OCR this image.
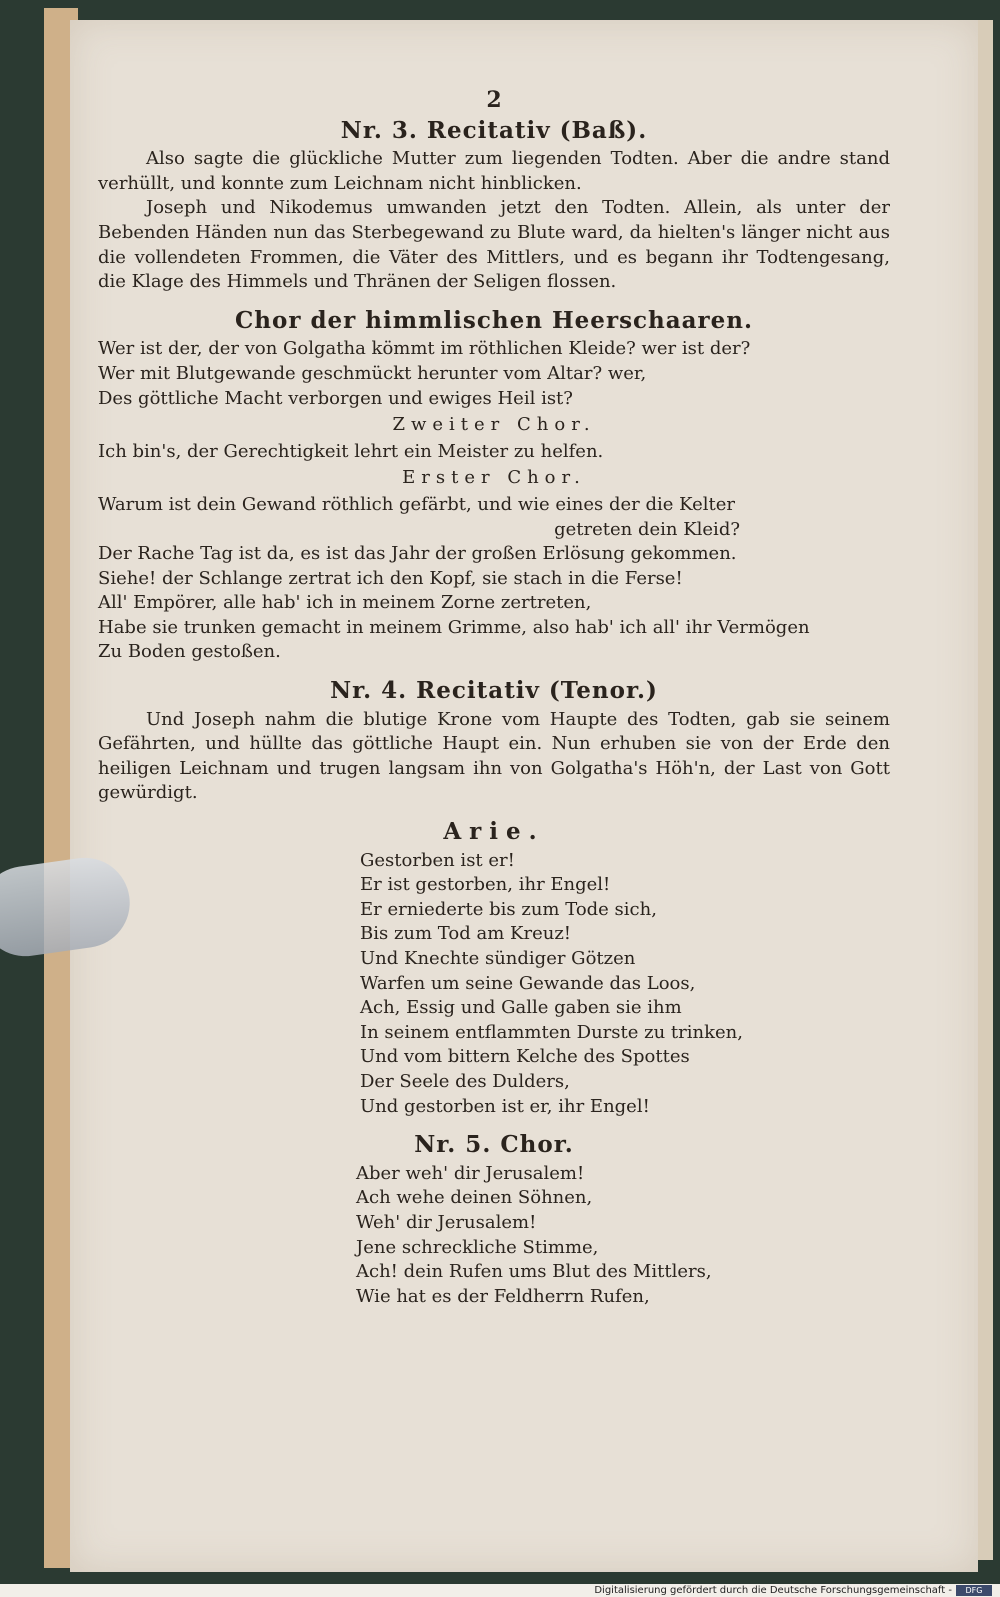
2
Nr. 3. Recitativ (Baß).

Also sagte die glückliche Mutter zum liegenden Todten. Aber die andre stand verhüllt, und konnte zum Leichnam nicht hinblicken.

Joseph und Nikodemus umwanden jetzt den Todten. Allein, als unter der Bebenden Händen nun das Sterbegewand zu Blute ward, da hielten's länger nicht aus die vollendeten Frommen, die Väter des Mittlers, und es begann ihr Todtengesang, die Klage des Himmels und Thränen der Seligen flossen.

Chor der himmlischen Heerschaaren.
Wer ist der, der von Golgatha kömmt im röthlichen Kleide? wer ist der?
Wer mit Blutgewande geschmückt herunter vom Altar? wer,
Des göttliche Macht verborgen und ewiges Heil ist?
Zweiter Chor.
Ich bin's, der Gerechtigkeit lehrt ein Meister zu helfen.
Erster Chor.
Warum ist dein Gewand röthlich gefärbt, und wie eines der die Kelter
getreten dein Kleid?
Der Rache Tag ist da, es ist das Jahr der großen Erlösung gekommen.
Siehe! der Schlange zertrat ich den Kopf, sie stach in die Ferse!
All' Empörer, alle hab' ich in meinem Zorne zertreten,
Habe sie trunken gemacht in meinem Grimme, also hab' ich all' ihr Vermögen
Zu Boden gestoßen.
Nr. 4. Recitativ (Tenor.)

Und Joseph nahm die blutige Krone vom Haupte des Todten, gab sie seinem Gefährten, und hüllte das göttliche Haupt ein. Nun erhuben sie von der Erde den heiligen Leichnam und trugen langsam ihn von Golgatha's Höh'n, der Last von Gott gewürdigt.

Arie.
Gestorben ist er!
Er ist gestorben, ihr Engel!
Er erniederte bis zum Tode sich,
Bis zum Tod am Kreuz!
Und Knechte sündiger Götzen
Warfen um seine Gewande das Loos,
Ach, Essig und Galle gaben sie ihm
In seinem entflammten Durste zu trinken,
Und vom bittern Kelche des Spottes
Der Seele des Dulders,
Und gestorben ist er, ihr Engel!
Nr. 5. Chor.
Aber weh' dir Jerusalem!
Ach wehe deinen Söhnen,
Weh' dir Jerusalem!
Jene schreckliche Stimme,
Ach! dein Rufen ums Blut des Mittlers,
Wie hat es der Feldherrn Rufen,
Digitalisierung gefördert durch die Deutsche Forschungsgemeinschaft -	DFG
